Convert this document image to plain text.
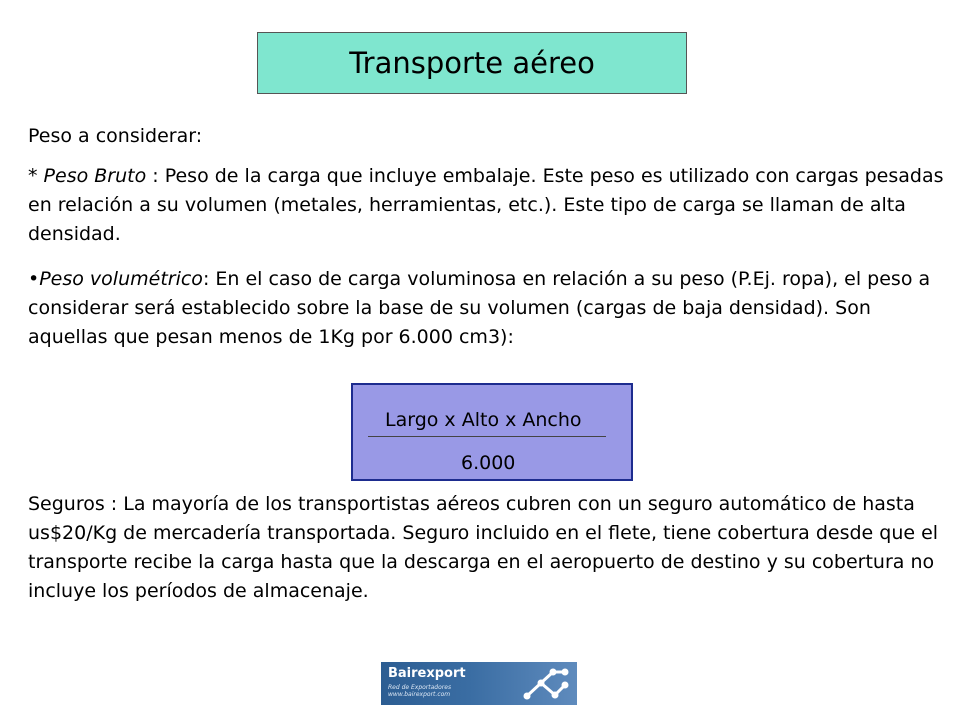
Transporte aéreo

Peso a considerar:

* Peso Bruto : Peso de la carga que incluye embalaje. Este peso es utilizado con cargas pesadas en relación a su volumen (metales, herramientas, etc.). Este tipo de carga se llaman de alta densidad.

•Peso volumétrico: En el caso de carga voluminosa en relación a su peso (P.Ej. ropa), el peso a considerar será establecido sobre la base de su volumen (cargas de baja densidad). Son aquellas que pesan menos de 1Kg por 6.000 cm3):

Largo x Alto x Ancho
6.000

Seguros : La mayoría de los transportistas aéreos cubren con un seguro automático de hasta us$20/Kg de mercadería transportada. Seguro incluido en el flete, tiene cobertura desde que el transporte recibe la carga hasta que la descarga en el aeropuerto de destino y su cobertura no incluye los períodos de almacenaje.

Bairexport
Red de Exportadores
www.bairexport.com
